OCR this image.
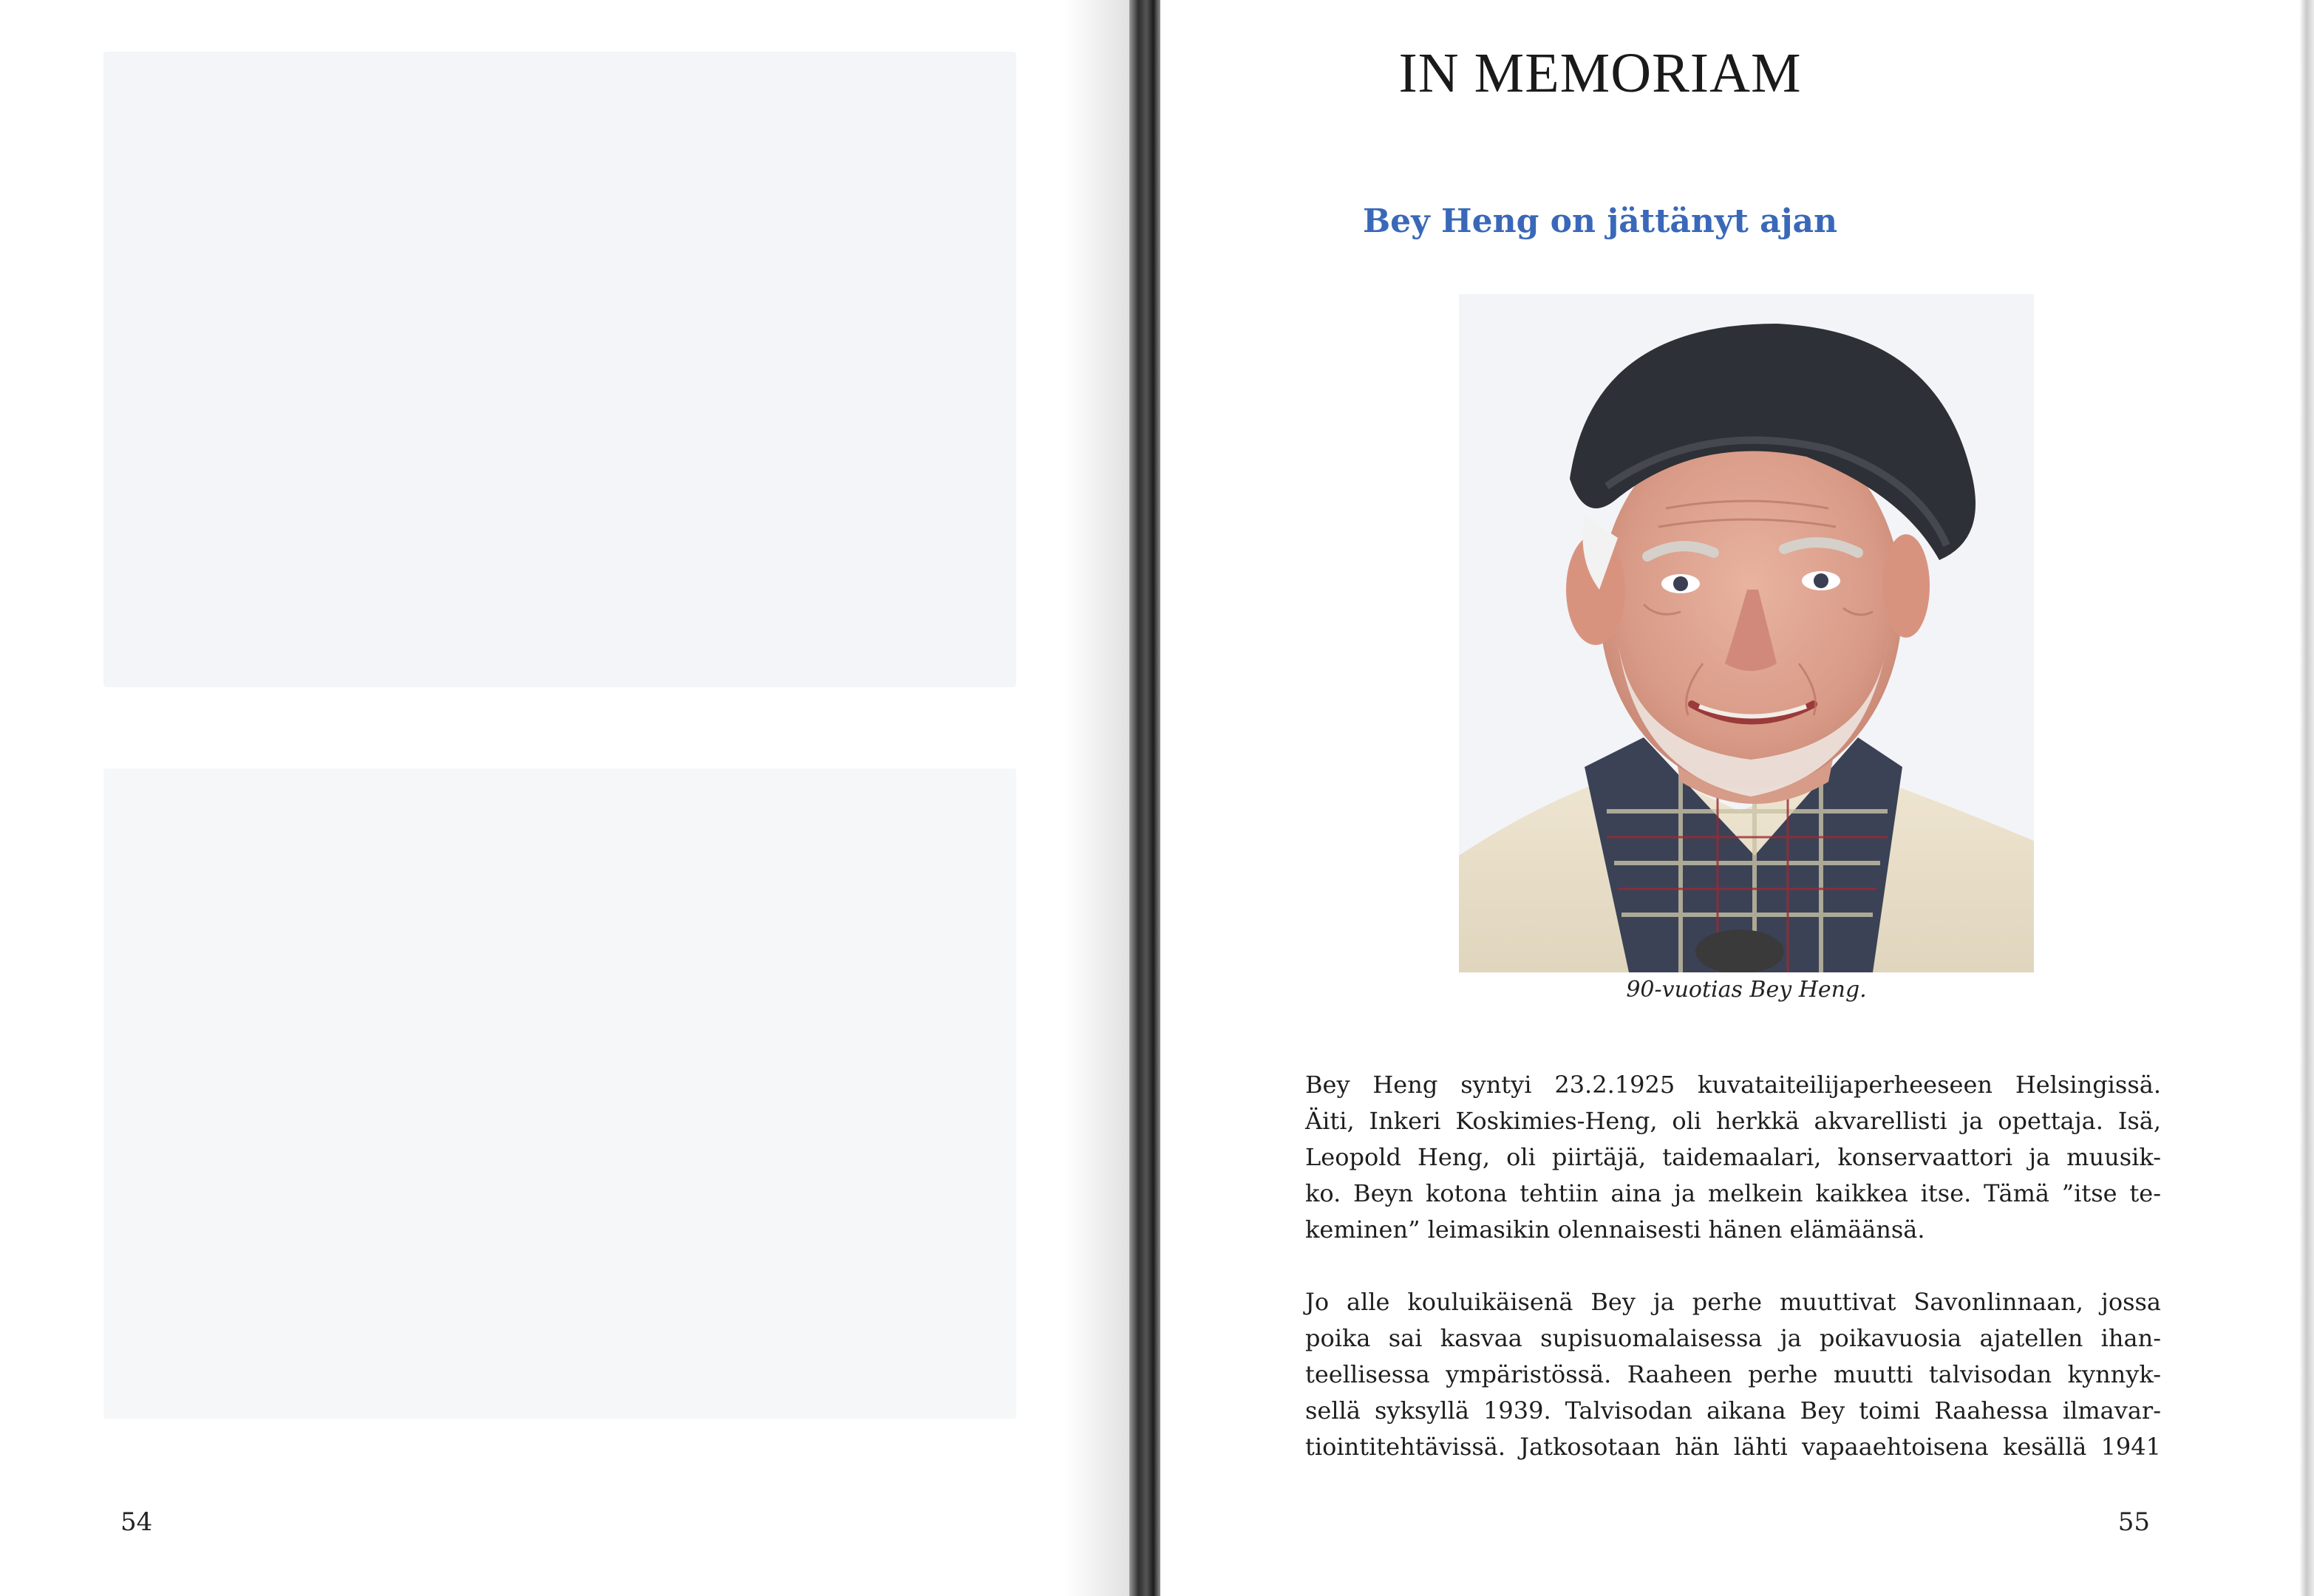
54
IN MEMORIAM
Bey Heng on jättänyt ajan
90-vuotias Bey Heng.
Bey Heng syntyi 23.2.1925 kuvataiteilijaperheeseen Helsingissä.
Äiti, Inkeri Koskimies-Heng, oli herkkä akvarellisti ja opettaja. Isä,
Leopold Heng, oli piirtäjä, taidemaalari, konservaattori ja muusik-
ko. Beyn kotona tehtiin aina ja melkein kaikkea itse. Tämä ”itse te-
keminen” leimasikin olennaisesti hänen elämäänsä.
Jo alle kouluikäisenä Bey ja perhe muuttivat Savonlinnaan, jossa
poika sai kasvaa supisuomalaisessa ja poikavuosia ajatellen ihan-
teellisessa ympäristössä. Raaheen perhe muutti talvisodan kynnyk-
sellä syksyllä 1939. Talvisodan aikana Bey toimi Raahessa ilmavar-
tiointitehtävissä. Jatkosotaan hän lähti vapaaehtoisena kesällä 1941
55
